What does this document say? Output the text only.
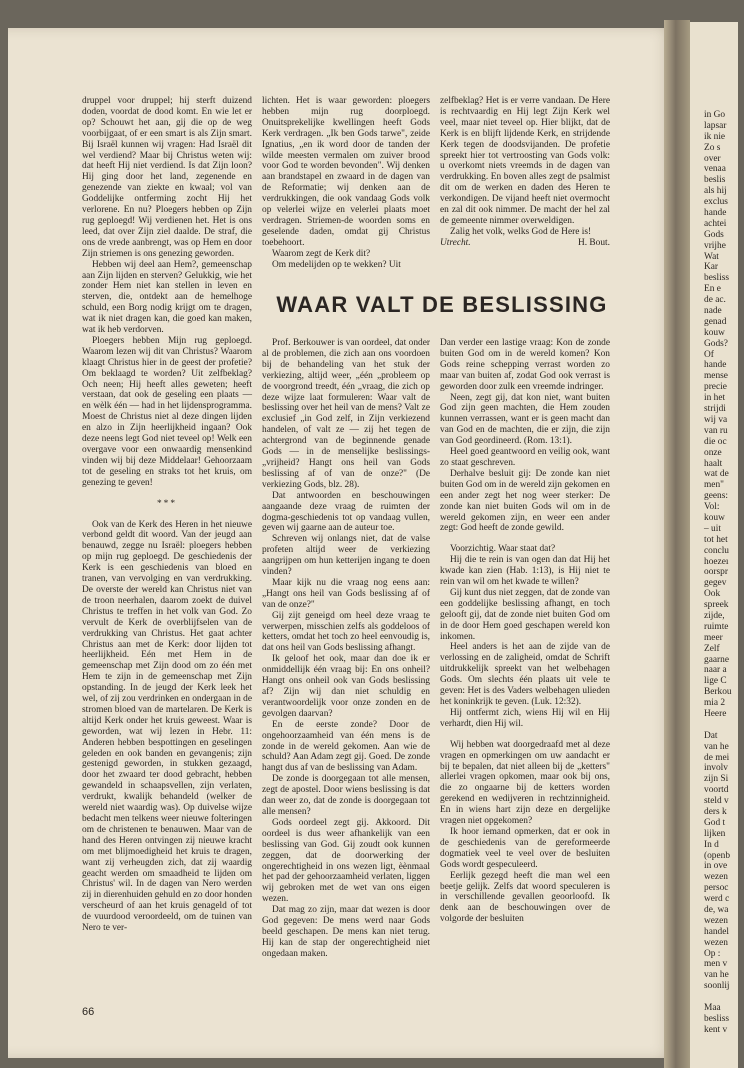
in Go
lapsar
ik nie
Zo s
over
venaa
beslis
als hij
exclus
hande
achtei
Gods
vrijhe
Wat
Kar
besliss
En e
de ac.
nade
genad
kouw
Gods?
Of
hande
mense
precie
in het
strijdi
wij va
van ru
die oc
onze
haalt
wat de
men"
geens:
Vol:
kouw
– uit
tot het
conclu
hoezeı
oorspr
gegev
Ook
spreek
zijde,
ruimte
meer
Zelf
gaarne
naar a
lige C
Berkou
mia 2
Heere
Dat
van he
de mei
involv
zijn Si
voortd
steld v
ders k
God t
lijken
In d
(openb
in ove
wezen
persoc
werd c
de, wa
wezen
handel
wezen
Op :
men v
van he
soonlij
Maa
besliss
kent v

druppel voor druppel; hij sterft duizend doden, voordat de dood komt. En wie let er op? Schouwt het aan, gij die op de weg voorbijgaat, of er een smart is als Zijn smart. Bij Israël kunnen wij vragen: Had Israël dit wel verdiend? Maar bij Christus weten wij: dat heeft Hij niet verdiend. Is dat Zijn loon? Hij ging door het land, zegenende en genezende van ziekte en kwaal; vol van Goddelijke ontferming zocht Hij het verlorene. En nu? Ploegers hebben op Zijn rug geploegd! Wij verdienen het. Het is ons leed, dat over Zijn ziel daalde. De straf, die ons de vrede aanbrengt, was op Hem en door Zijn striemen is ons genezing geworden.

Hebben wij deel aan Hem?, gemeenschap aan Zijn lijden en sterven? Gelukkig, wie het zonder Hem niet kan stellen in leven en sterven, die, ontdekt aan de hemelhoge schuld, een Borg nodig krijgt om te dragen, wat ik niet dragen kan, die goed kan maken, wat ik heb verdorven.

Ploegers hebben Mijn rug geploegd. Waarom lezen wij dit van Christus? Waarom klaagt Christus hier in de geest der profetie? Om beklaagd te worden? Uit zelfbeklag? Och neen; Hij heeft alles geweten; heeft verstaan, dat ook de geseling een plaats — en wèlk één — had in het lijdensprogramma. Moest de Christus niet al deze dingen lijden en alzo in Zijn heerlijkheid ingaan? Ook deze neens legt God niet teveel op! Welk een overgave voor een onwaardig mensenkind vinden wij bij deze Middelaar! Gehoorzaam tot de geseling en straks tot het kruis, om genezing te geven!

***

Ook van de Kerk des Heren in het nieuwe verbond geldt dit woord. Van der jeugd aan benauwd, zegge nu Israël: ploegers hebben op mijn rug geploegd. De geschiedenis der Kerk is een geschiedenis van bloed en tranen, van vervolging en van verdrukking. De overste der wereld kan Christus niet van de troon neerhalen, daarom zoekt de duivel Christus te treffen in het volk van God. Zo vervult de Kerk de overblijfselen van de verdrukking van Christus. Het gaat achter Christus aan met de Kerk: door lijden tot heerlijkheid. Eén met Hem in de gemeenschap met Zijn dood om zo één met Hem te zijn in de gemeenschap met Zijn opstanding. In de jeugd der Kerk leek het wel, of zij zou verdrinken en ondergaan in de stromen bloed van de martelaren. De Kerk is altijd Kerk onder het kruis geweest. Waar is geworden, wat wij lezen in Hebr. 11: Anderen hebben bespottingen en geselingen geleden en ook banden en gevangenis; zijn gestenigd geworden, in stukken gezaagd, door het zwaard ter dood gebracht, hebben gewandeld in schaapsvellen, zijn verlaten, verdrukt, kwalijk behandeld (welker de wereld niet waardig was). Op duivelse wijze bedacht men telkens weer nieuwe folteringen om de christenen te benauwen. Maar van de hand des Heren ontvingen zij nieuwe kracht om met blijmoedigheid het kruis te dragen, want zij verheugden zich, dat zij waardig geacht werden om smaadheid te lijden om Christus' wil. In de dagen van Nero werden zij in dierenhuiden gehuld en zo door honden verscheurd of aan het kruis genageld of tot de vuurdood veroordeeld, om de tuinen van Nero te ver-

lichten. Het is waar geworden: ploegers hebben mijn rug doorploegd. Onuitsprekelijke kwellingen heeft Gods Kerk verdragen. „Ik ben Gods tarwe", zeide Ignatius, „en ik word door de tanden der wilde meesten vermalen om zuiver brood voor God te worden bevonden". Wij denken aan brandstapel en zwaard in de dagen van de Reformatie; wij denken aan de verdrukkingen, die ook vandaag Gods volk op velerlei wijze en velerlei plaats moet verdragen. Striemen-de woorden soms en geselende daden, omdat gij Christus toebehoort.

Waarom zegt de Kerk dit?

Om medelijden op te wekken? Uit

zelfbeklag? Het is er verre vandaan. De Here is rechtvaardig en Hij legt Zijn Kerk wel veel, maar niet teveel op. Hier blijkt, dat de Kerk is en blijft lijdende Kerk, en strijdende Kerk tegen de doodsvijanden. De profetie spreekt hier tot vertroosting van Gods volk: u overkomt niets vreemds in de dagen van verdrukking. En boven alles zegt de psalmist dit om de werken en daden des Heren te verkondigen. De vijand heeft niet overmocht en zal dit ook nimmer. De macht der hel zal de gemeente nimmer overweldigen.

Zalig het volk, welks God de Here is!

Utrecht.	H. Bout.

WAAR VALT DE BESLISSING

Prof. Berkouwer is van oordeel, dat onder al de problemen, die zich aan ons voordoen bij de behandeling van het stuk der verkiezing, altijd weer, „één „probleem op de voorgrond treedt, één „vraag, die zich op deze wijze laat formuleren: Waar valt de beslissing over het heil van de mens? Valt ze exclusief „in God zelf, in Zijn verkiezend handelen, of valt ze — zij het tegen de achtergrond van de beginnende genade Gods — in de menselijke beslissings-„vrijheid? Hangt ons heil van Gods beslissing af of van de onze?" (De verkiezing Gods, blz. 28).

Dat antwoorden en beschouwingen aangaande deze vraag de ruimten der dogma-geschiedenis tot op vandaag vullen, geven wij gaarne aan de auteur toe.

Schreven wij onlangs niet, dat de valse profeten altijd weer de verkiezing aangrijpen om hun ketterijen ingang te doen vinden?

Maar kijk nu die vraag nog eens aan: „Hangt ons heil van Gods beslissing af of van de onze?"

Gij zijt geneigd om heel deze vraag te verwerpen, misschien zelfs als goddeloos of ketters, omdat het toch zo heel eenvoudig is, dat ons heil van Gods beslissing afhangt.

Ik geloof het ook, maar dan doe ik er onmiddellijk één vraag bij: En ons onheil? Hangt ons onheil ook van Gods beslissing af? Zijn wij dan niet schuldig en verantwoordelijk voor onze zonden en de gevolgen daarvan?

En de eerste zonde? Door de ongehoorzaamheid van één mens is de zonde in de wereld gekomen. Aan wie de schuld? Aan Adam zegt gij. Goed. De zonde hangt dus af van de beslissing van Adam.

De zonde is doorgegaan tot alle mensen, zegt de apostel. Door wiens beslissing is dat dan weer zo, dat de zonde is doorgegaan tot alle mensen?

Gods oordeel zegt gij. Akkoord. Dit oordeel is dus weer afhankelijk van een beslissing van God. Gij zoudt ook kunnen zeggen, dat de doorwerking der ongerechtigheid in ons wezen ligt, èènmaal het pad der gehoorzaamheid verlaten, liggen wij gebroken met de wet van ons eigen wezen.

Dat mag zo zijn, maar dat wezen is door God gegeven: De mens werd naar Gods beeld geschapen. De mens kan niet terug. Hij kan de stap der ongerechtigheid niet ongedaan maken.

Dan verder een lastige vraag: Kon de zonde buiten God om in de wereld komen? Kon Gods reine schepping verrast worden zo maar van buiten af, zodat God ook verrast is geworden door zulk een vreemde indringer.

Neen, zegt gij, dat kon niet, want buiten God zijn geen machten, die Hem zouden kunnen verrassen, want er is geen macht dan van God en de machten, die er zijn, die zijn van God geordineerd. (Rom. 13:1).

Heel goed geantwoord en veilig ook, want zo staat geschreven.

Derhalve besluit gij: De zonde kan niet buiten God om in de wereld zijn gekomen en een ander zegt het nog weer sterker: De zonde kan niet buiten Gods wil om in de wereld gekomen zijn, en weer een ander zegt: God heeft de zonde gewild.

Voorzichtig. Waar staat dat?

Hij die te rein is van ogen dan dat Hij het kwade kan zien (Hab. 1:13), is Hij niet te rein van wil om het kwade te willen?

Gij kunt dus niet zeggen, dat de zonde van een goddelijke beslissing afhangt, en toch gelooft gij, dat de zonde niet buiten God om in de door Hem goed geschapen wereld kon inkomen.

Heel anders is het aan de zijde van de verlossing en de zaligheid, omdat de Schrift uitdrukkelijk spreekt van het welbehagen Gods. Om slechts één plaats uit vele te geven: Het is des Vaders welbehagen ulieden het koninkrijk te geven. (Luk. 12:32).

Hij ontfermt zich, wiens Hij wil en Hij verhardt, dien Hij wil.

Wij hebben wat doorgedraafd met al deze vragen en opmerkingen om uw aandacht er bij te bepalen, dat niet alleen bij de „ketters" allerlei vragen opkomen, maar ook bij ons, die zo ongaarne bij de ketters worden gerekend en wedijveren in rechtzinnigheid. En in wiens hart zijn deze en dergelijke vragen niet opgekomen?

Ik hoor iemand opmerken, dat er ook in de geschiedenis van de gereformeerde dogmatiek veel te veel over de besluiten Gods wordt gespeculeerd.

Eerlijk gezegd heeft die man wel een beetje gelijk. Zelfs dat woord speculeren is in verschillende gevallen geoorloofd. Ik denk aan de beschouwingen over de volgorde der besluiten

66
